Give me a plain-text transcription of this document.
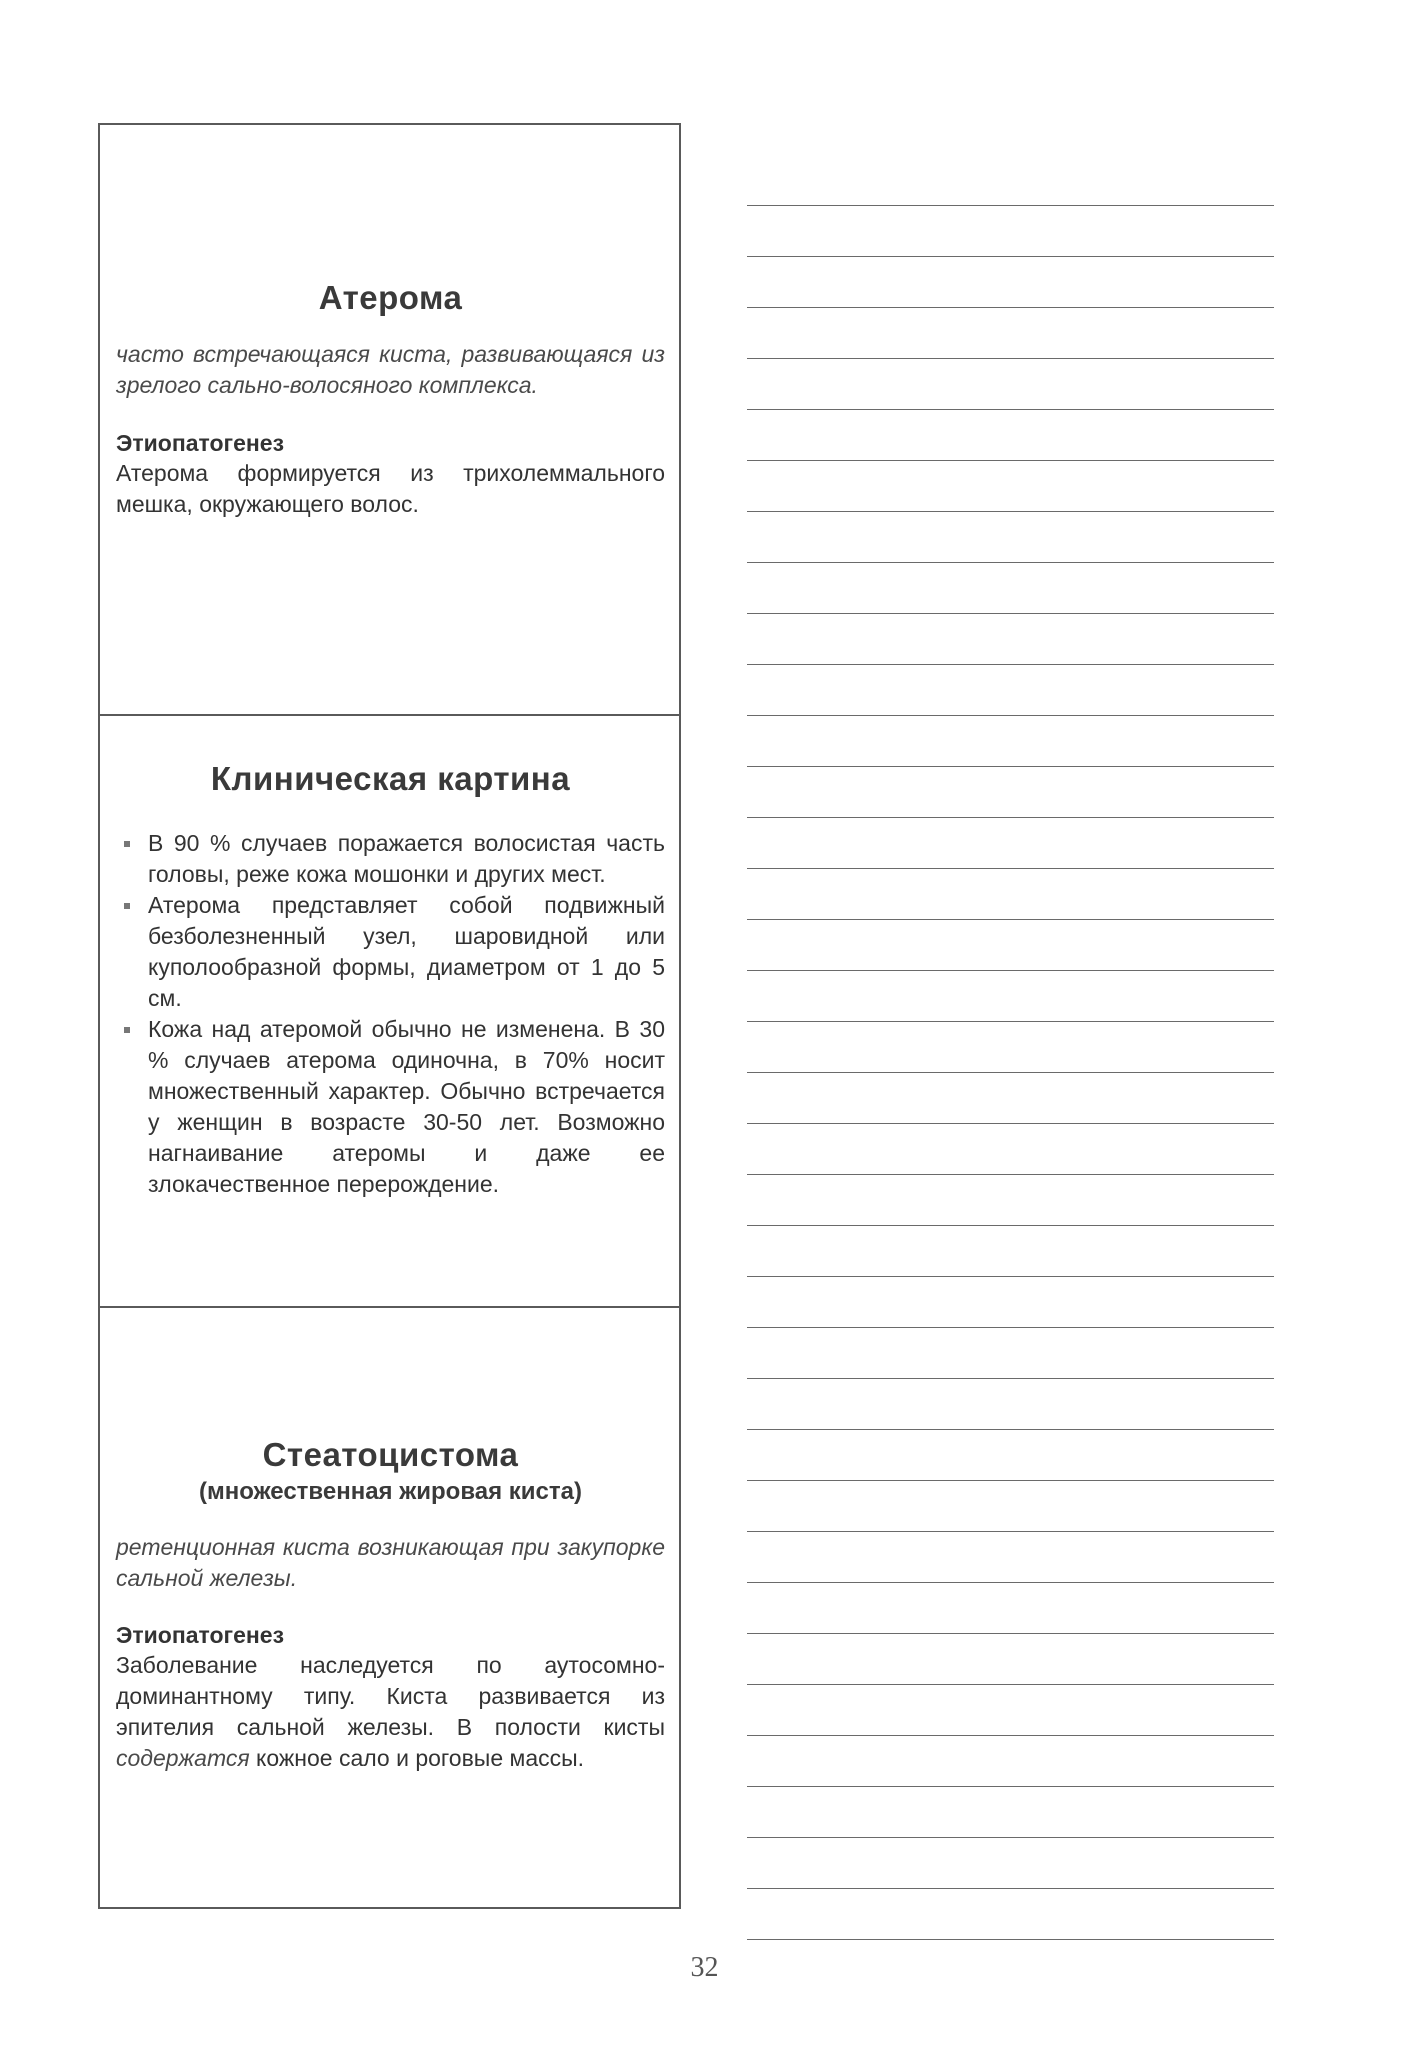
Атерома
часто встречающаяся киста, развивающаяся из зрелого сально-волосяного комплекса.
Этиопатогенез
Атерома формируется из трихолеммального мешка, окружающего волос.
Клиническая картина
В 90 % случаев поражается волосистая часть головы, реже кожа мошонки и других мест.
Атерома представляет собой подвижный безболезненный узел, шаровидной или куполообразной формы, диаметром от 1 до 5 см.
Кожа над атеромой обычно не изменена. В 30 % случаев атерома одиночна, в 70% носит множественный характер. Обычно встречается у женщин в возрасте 30-50 лет. Возможно нагнаивание атеромы и даже ее злокачественное перерождение.
Стеатоцистома
(множественная жировая киста)
ретенционная киста возникающая при закупорке сальной железы.
Этиопатогенез
Заболевание наследуется по аутосомно-доминантному типу. Киста развивается из эпителия сальной железы. В полости кисты содержатся кожное сало и роговые массы.
32
